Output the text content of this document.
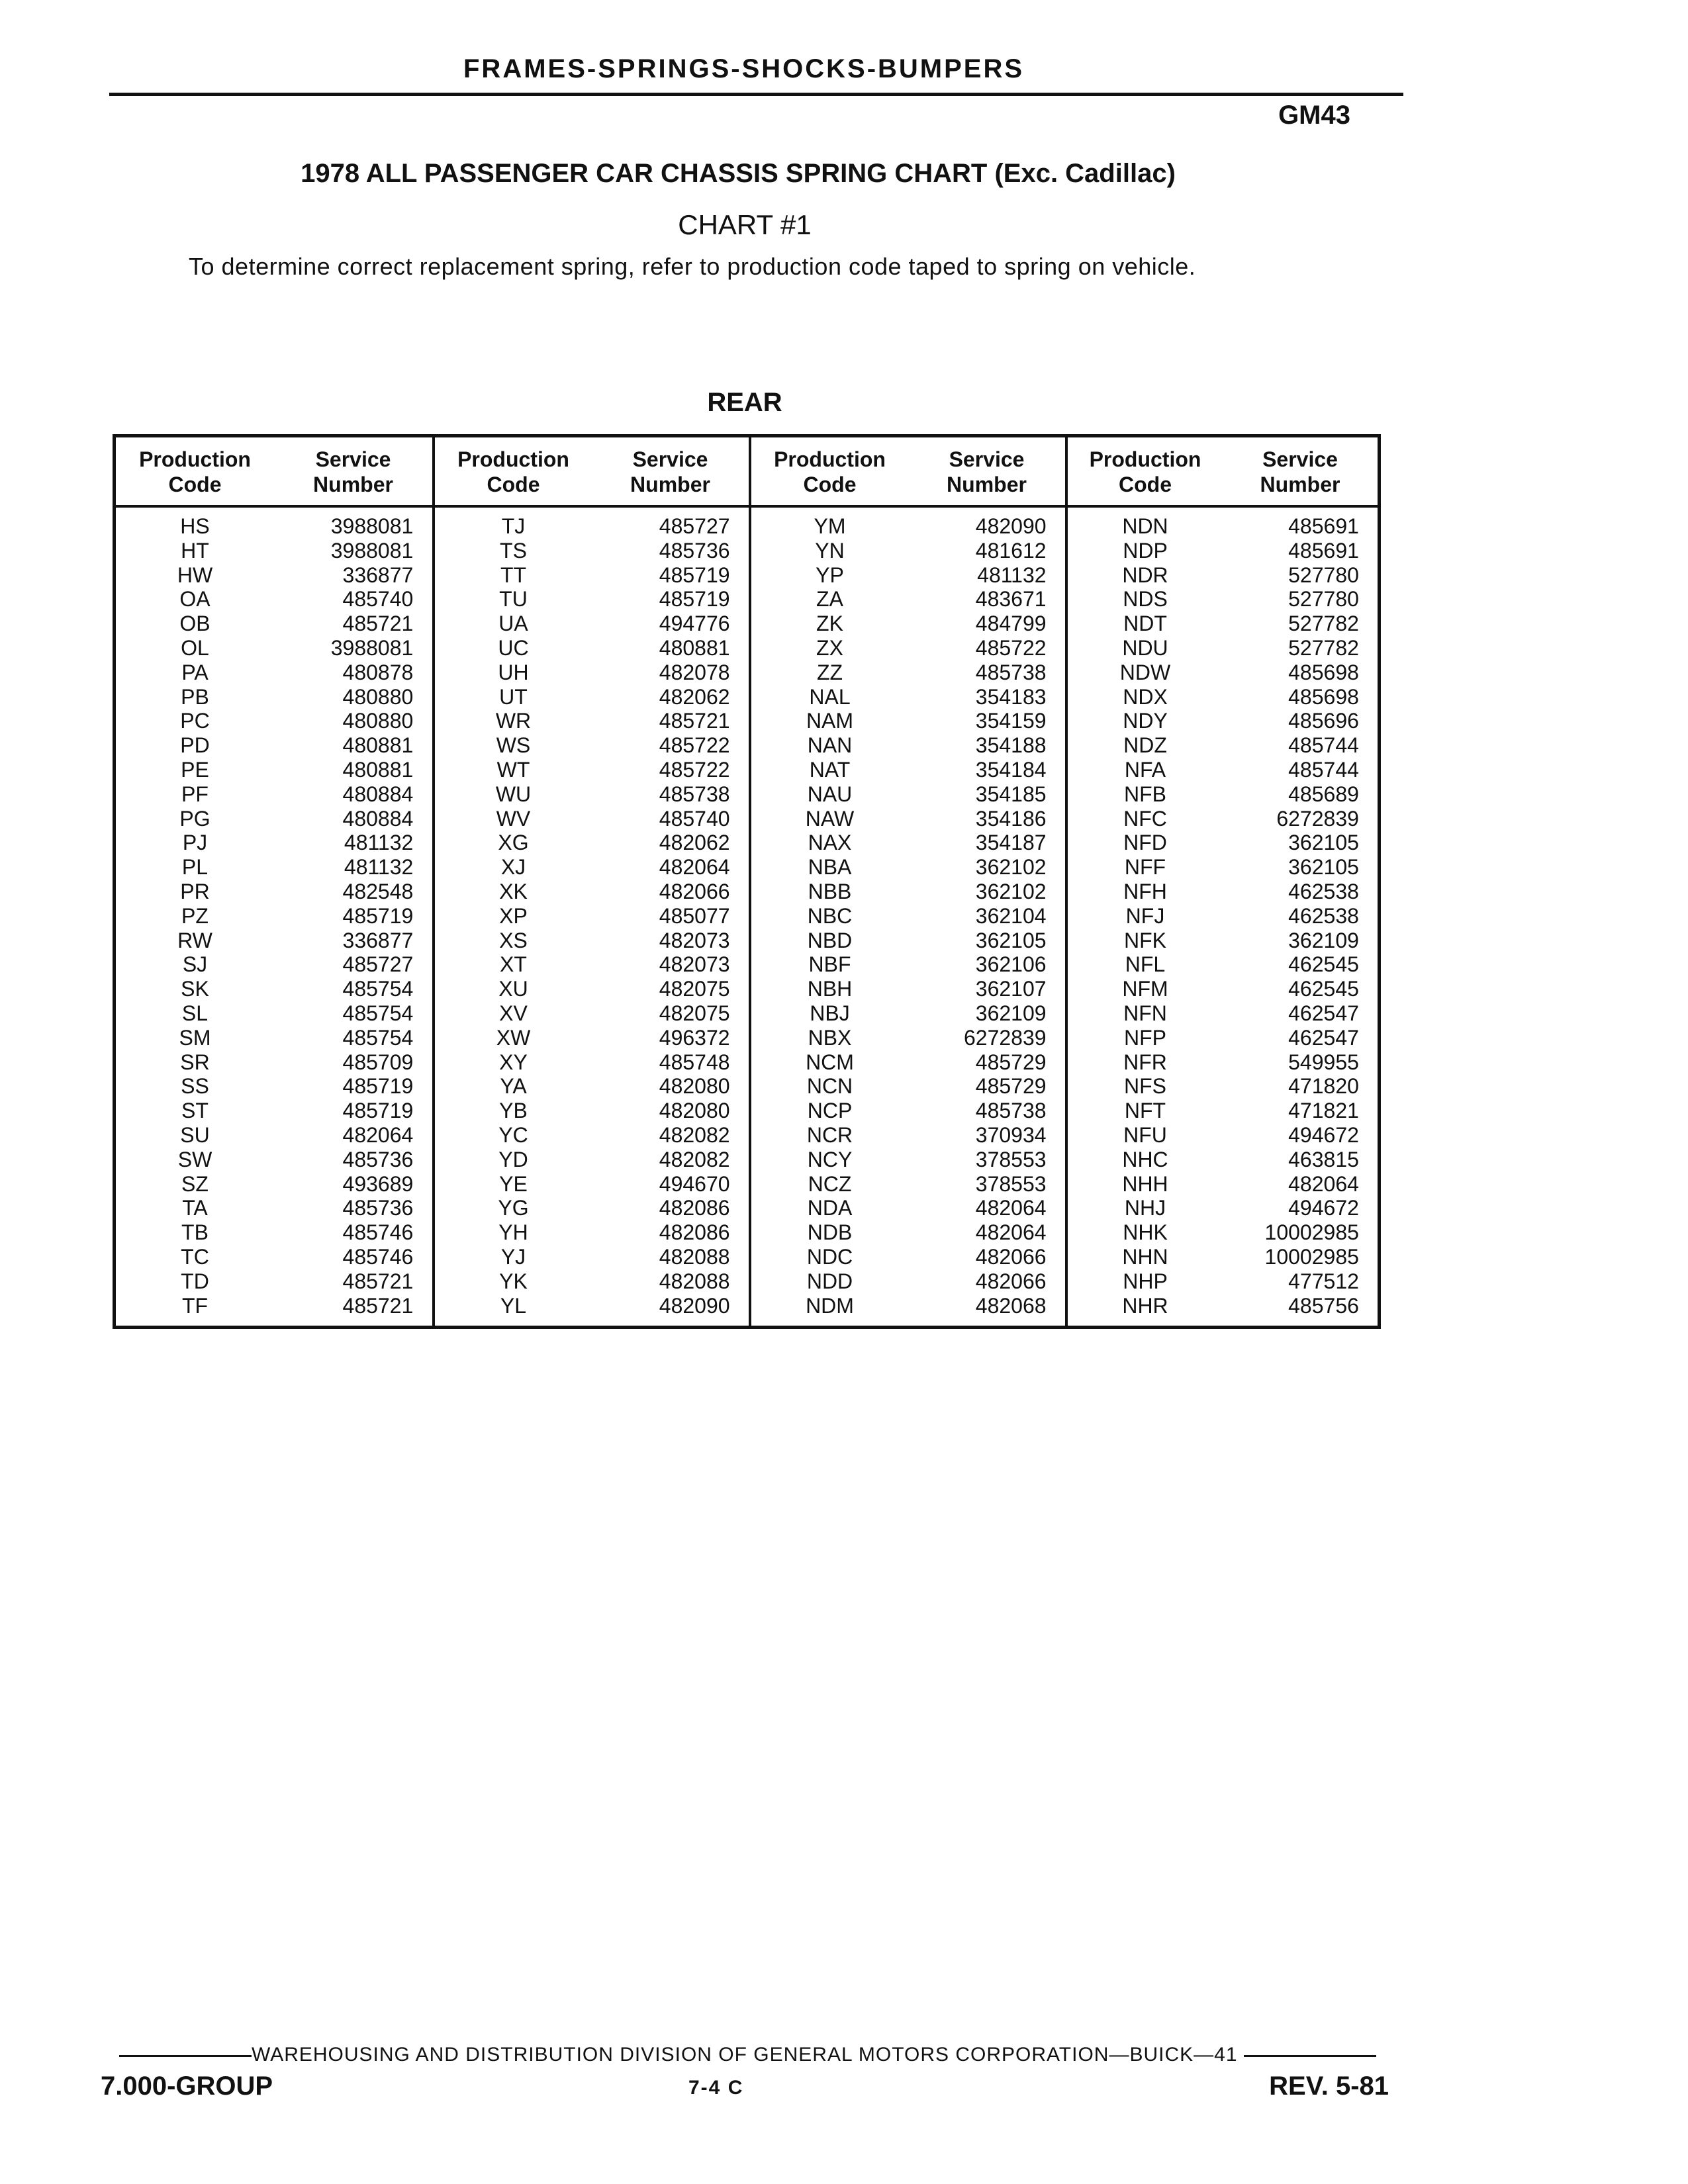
FRAMES-SPRINGS-SHOCKS-BUMPERS
GM43
1978 ALL PASSENGER CAR CHASSIS SPRING CHART (Exc. Cadillac)
CHART #1
To determine correct replacement spring, refer to production code taped to spring on vehicle.
REAR
Production Code
Service Number
HS	3988081
HT	3988081
HW	336877
OA	485740
OB	485721
OL	3988081
PA	480878
PB	480880
PC	480880
PD	480881
PE	480881
PF	480884
PG	480884
PJ	481132
PL	481132
PR	482548
PZ	485719
RW	336877
SJ	485727
SK	485754
SL	485754
SM	485754
SR	485709
SS	485719
ST	485719
SU	482064
SW	485736
SZ	493689
TA	485736
TB	485746
TC	485746
TD	485721
TF	485721
Production Code
Service Number
TJ	485727
TS	485736
TT	485719
TU	485719
UA	494776
UC	480881
UH	482078
UT	482062
WR	485721
WS	485722
WT	485722
WU	485738
WV	485740
XG	482062
XJ	482064
XK	482066
XP	485077
XS	482073
XT	482073
XU	482075
XV	482075
XW	496372
XY	485748
YA	482080
YB	482080
YC	482082
YD	482082
YE	494670
YG	482086
YH	482086
YJ	482088
YK	482088
YL	482090
Production Code
Service Number
YM	482090
YN	481612
YP	481132
ZA	483671
ZK	484799
ZX	485722
ZZ	485738
NAL	354183
NAM	354159
NAN	354188
NAT	354184
NAU	354185
NAW	354186
NAX	354187
NBA	362102
NBB	362102
NBC	362104
NBD	362105
NBF	362106
NBH	362107
NBJ	362109
NBX	6272839
NCM	485729
NCN	485729
NCP	485738
NCR	370934
NCY	378553
NCZ	378553
NDA	482064
NDB	482064
NDC	482066
NDD	482066
NDM	482068
Production Code
Service Number
NDN	485691
NDP	485691
NDR	527780
NDS	527780
NDT	527782
NDU	527782
NDW	485698
NDX	485698
NDY	485696
NDZ	485744
NFA	485744
NFB	485689
NFC	6272839
NFD	362105
NFF	362105
NFH	462538
NFJ	462538
NFK	362109
NFL	462545
NFM	462545
NFN	462547
NFP	462547
NFR	549955
NFS	471820
NFT	471821
NFU	494672
NHC	463815
NHH	482064
NHJ	494672
NHK	10002985
NHN	10002985
NHP	477512
NHR	485756
WAREHOUSING AND DISTRIBUTION DIVISION OF GENERAL MOTORS CORPORATION—BUICK—41
7.000-GROUP	7-4 C	REV. 5-81
